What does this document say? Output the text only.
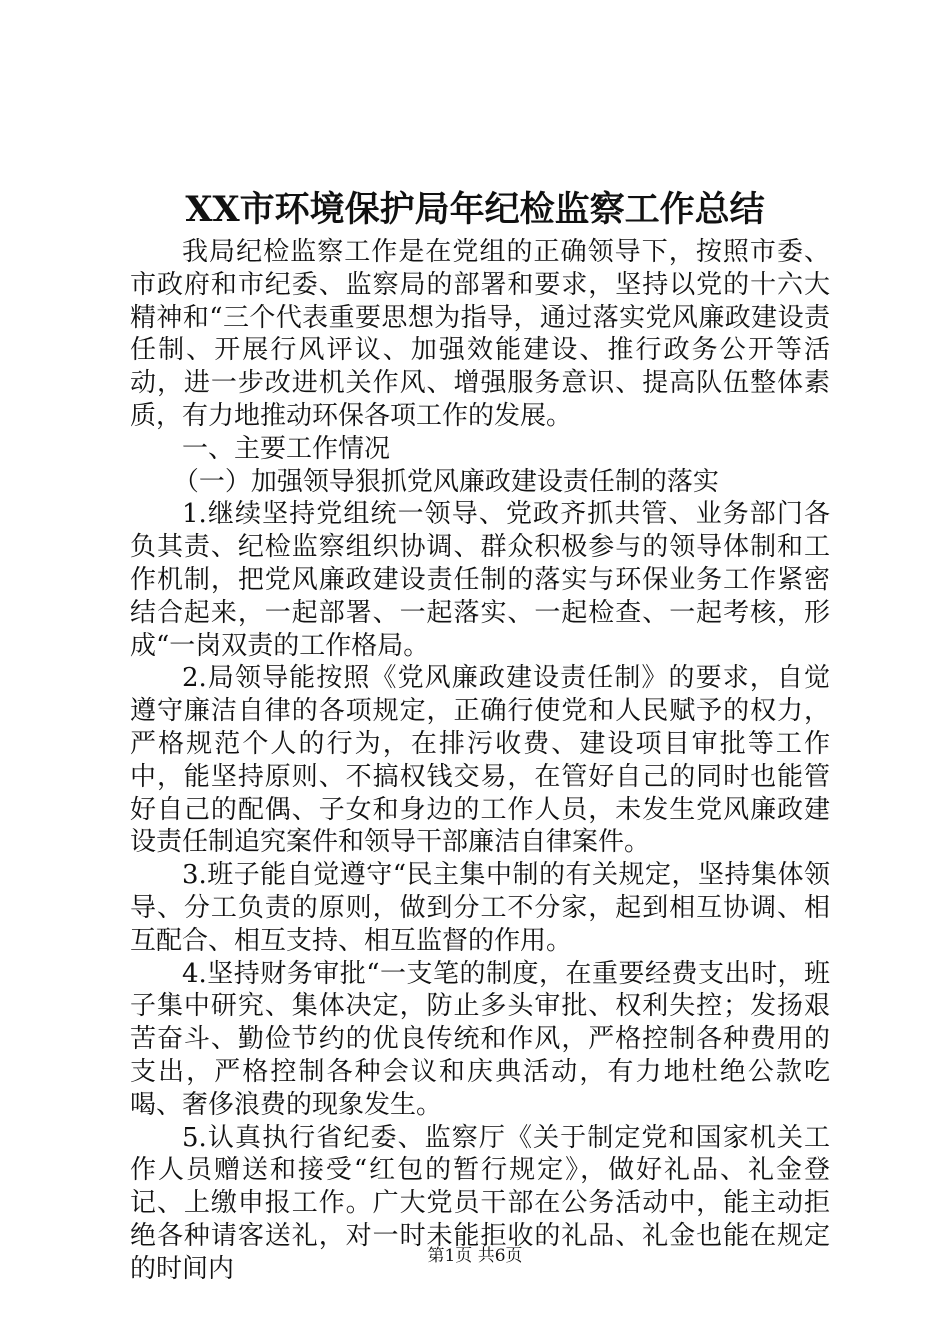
XX市环境保护局年纪检监察工作总结

我局纪检监察工作是在党组的正确领导下，按照市委、市政府和市纪委、监察局的部署和要求，坚持以党的十六大精神和“三个代表重要思想为指导，通过落实党风廉政建设责任制、开展行风评议、加强效能建设、推行政务公开等活动，进一步改进机关作风、增强服务意识、提高队伍整体素质，有力地推动环保各项工作的发展。

一、主要工作情况

（一）加强领导狠抓党风廉政建设责任制的落实

1.继续坚持党组统一领导、党政齐抓共管、业务部门各负其责、纪检监察组织协调、群众积极参与的领导体制和工作机制，把党风廉政建设责任制的落实与环保业务工作紧密结合起来，一起部署、一起落实、一起检查、一起考核，形成“一岗双责的工作格局。

2.局领导能按照《党风廉政建设责任制》的要求，自觉遵守廉洁自律的各项规定，正确行使党和人民赋予的权力，严格规范个人的行为，在排污收费、建设项目审批等工作中，能坚持原则、不搞权钱交易，在管好自己的同时也能管好自己的配偶、子女和身边的工作人员，未发生党风廉政建设责任制追究案件和领导干部廉洁自律案件。

3.班子能自觉遵守“民主集中制的有关规定，坚持集体领导、分工负责的原则，做到分工不分家，起到相互协调、相互配合、相互支持、相互监督的作用。

4.坚持财务审批“一支笔的制度，在重要经费支出时，班子集中研究、集体决定，防止多头审批、权利失控；发扬艰苦奋斗、勤俭节约的优良传统和作风，严格控制各种费用的支出，严格控制各种会议和庆典活动，有力地杜绝公款吃喝、奢侈浪费的现象发生。

5.认真执行省纪委、监察厅《关于制定党和国家机关工作人员赠送和接受“红包的暂行规定》，做好礼品、礼金登记、上缴申报工作。广大党员干部在公务活动中，能主动拒绝各种请客送礼，对一时未能拒收的礼品、礼金也能在规定的时间内	第1页 共6页
